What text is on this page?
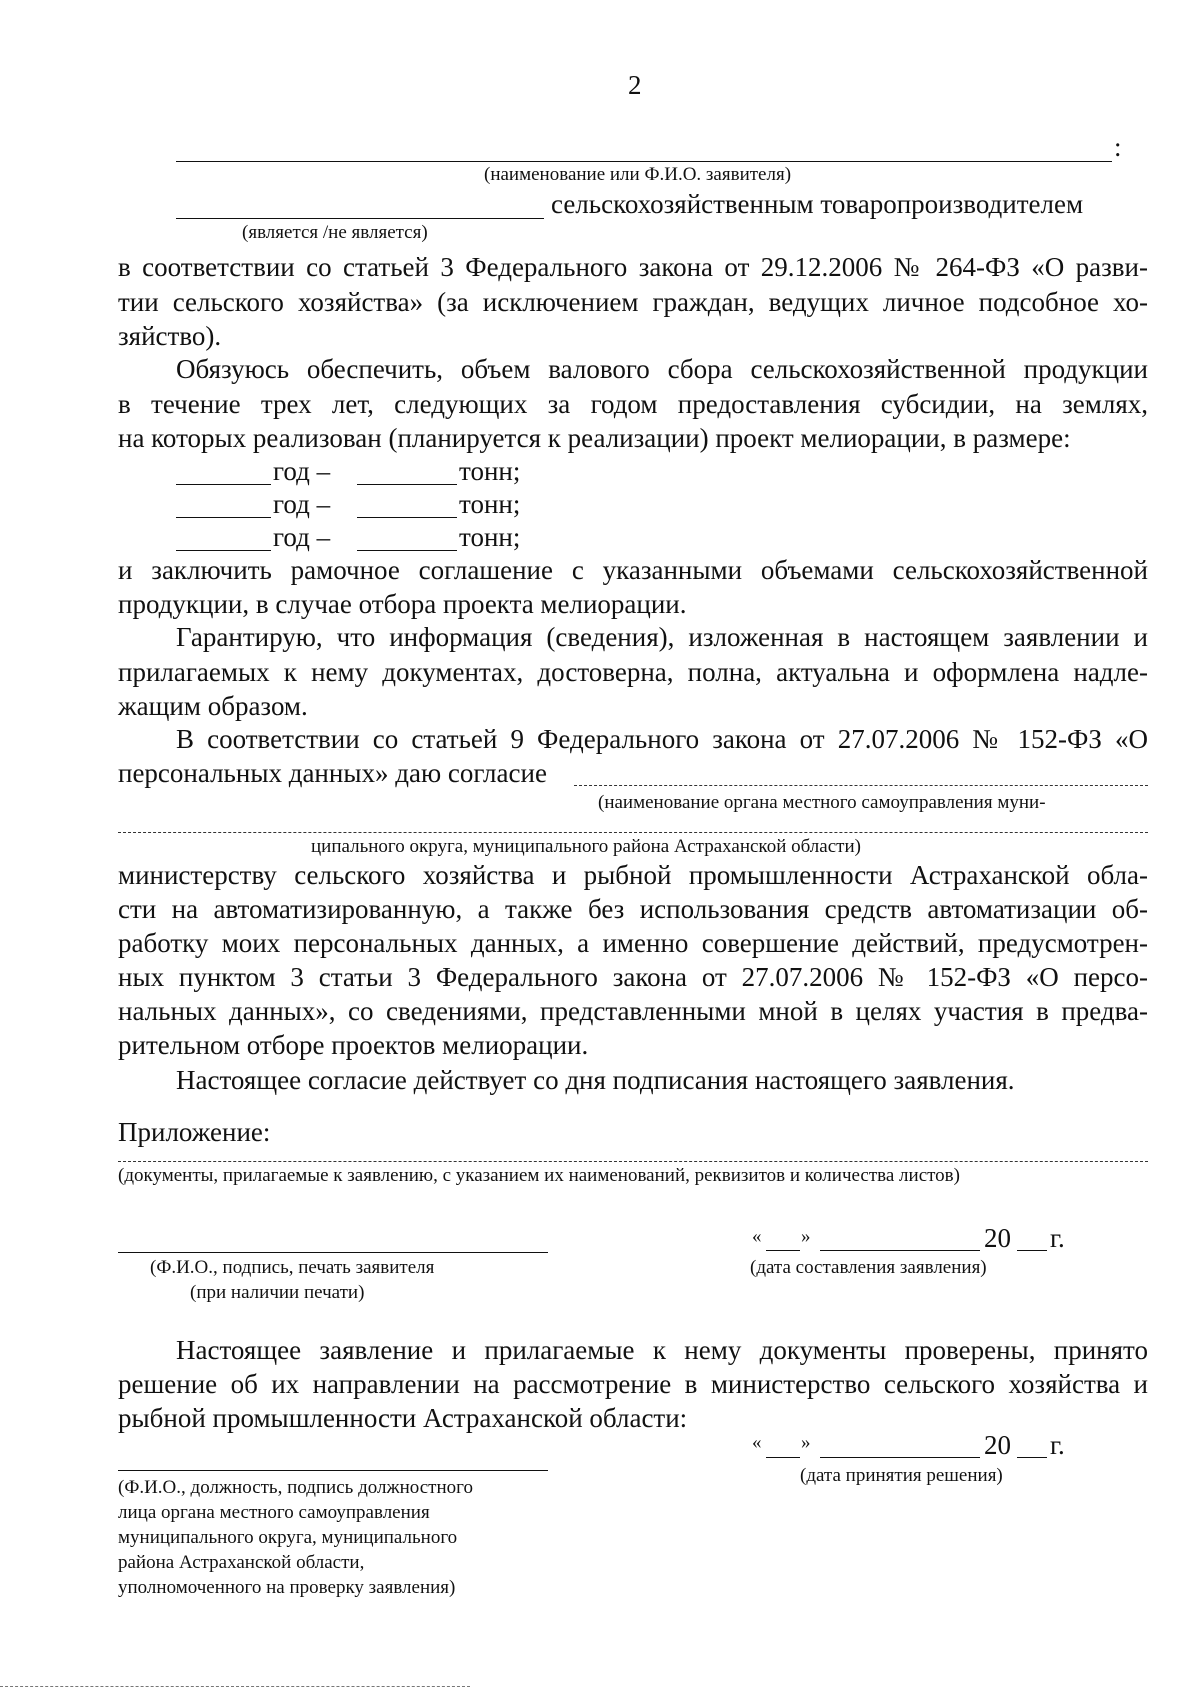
2
:
(наименование или Ф.И.О. заявителя)
сельскохозяйственным товаропроизводителем
(является /не является)
в соответствии со статьей 3 Федерального закона от 29.12.2006 № 264-ФЗ «О разви-
тии сельского хозяйства» (за исключением граждан, ведущих личное подсобное хо-
зяйство).
Обязуюсь обеспечить, объем валового сбора сельскохозяйственной продукции
в течение трех лет, следующих за годом предоставления субсидии, на землях,
на которых реализован (планируется к реализации) проект мелиорации, в размере:
год –	тонн;
год –	тонн;
год –	тонн;
и заключить рамочное соглашение с указанными объемами сельскохозяйственной
продукции, в случае отбора проекта мелиорации.
Гарантирую, что информация (сведения), изложенная в настоящем заявлении и
прилагаемых к нему документах, достоверна, полна, актуальна и оформлена надле-
жащим образом.
В соответствии со статьей 9 Федерального закона от 27.07.2006 № 152-ФЗ «О
персональных данных» даю согласие
(наименование органа местного самоуправления муни-
ципального округа, муниципального района Астраханской области)
министерству сельского хозяйства и рыбной промышленности Астраханской обла-
сти на автоматизированную, а также без использования средств автоматизации об-
работку моих персональных данных, а именно совершение действий, предусмотрен-
ных пунктом 3 статьи 3 Федерального закона от 27.07.2006 № 152-ФЗ «О персо-
нальных данных», со сведениями, представленными мной в целях участия в предва-
рительном отборе проектов мелиорации.
Настоящее согласие действует со дня подписания настоящего заявления.
Приложение:
(документы, прилагаемые к заявлению, с указанием их наименований, реквизитов и количества листов)
(Ф.И.О., подпись, печать заявителя
(при наличии печати)
« »	20 г.
(дата составления заявления)
Настоящее заявление и прилагаемые к нему документы проверены, принято
решение об их направлении на рассмотрение в министерство сельского хозяйства и
рыбной промышленности Астраханской области:
(Ф.И.О., должность, подпись должностного
лица органа местного самоуправления
муниципального округа, муниципального
района Астраханской области,
уполномоченного на проверку заявления)
« »	20 г.
(дата принятия решения)
